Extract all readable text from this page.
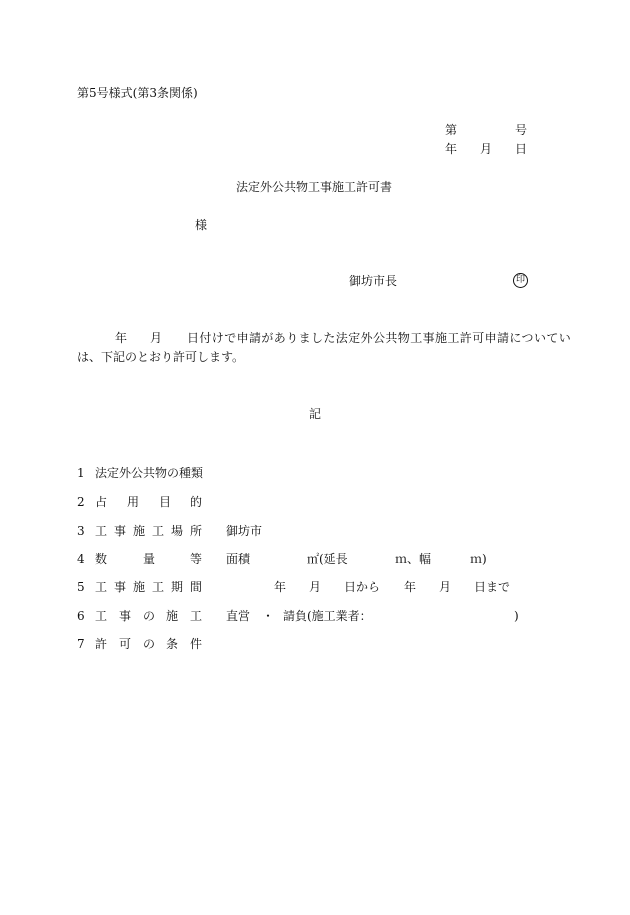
第5号様式(第3条関係)
第	号
年 月 日
法定外公共物工事施工許可書
様
御坊市長	印
年 月 日付けで申請がありました法定外公共物工事施工許可申請についてい
は、下記のとおり許可します。
記
1 法定外公共物の種類
2 占 用 目 的
3 工 事 施 工 場 所 御坊市
4 数	量	等 面積	㎡(延長	ｍ、幅	ｍ)
5 工 事 施 工 期 間	年 月 日から 年 月 日まで
6 工 事 の 施 工 直営 ・ 請負(施工業者：	)
7 許 可 の 条 件
